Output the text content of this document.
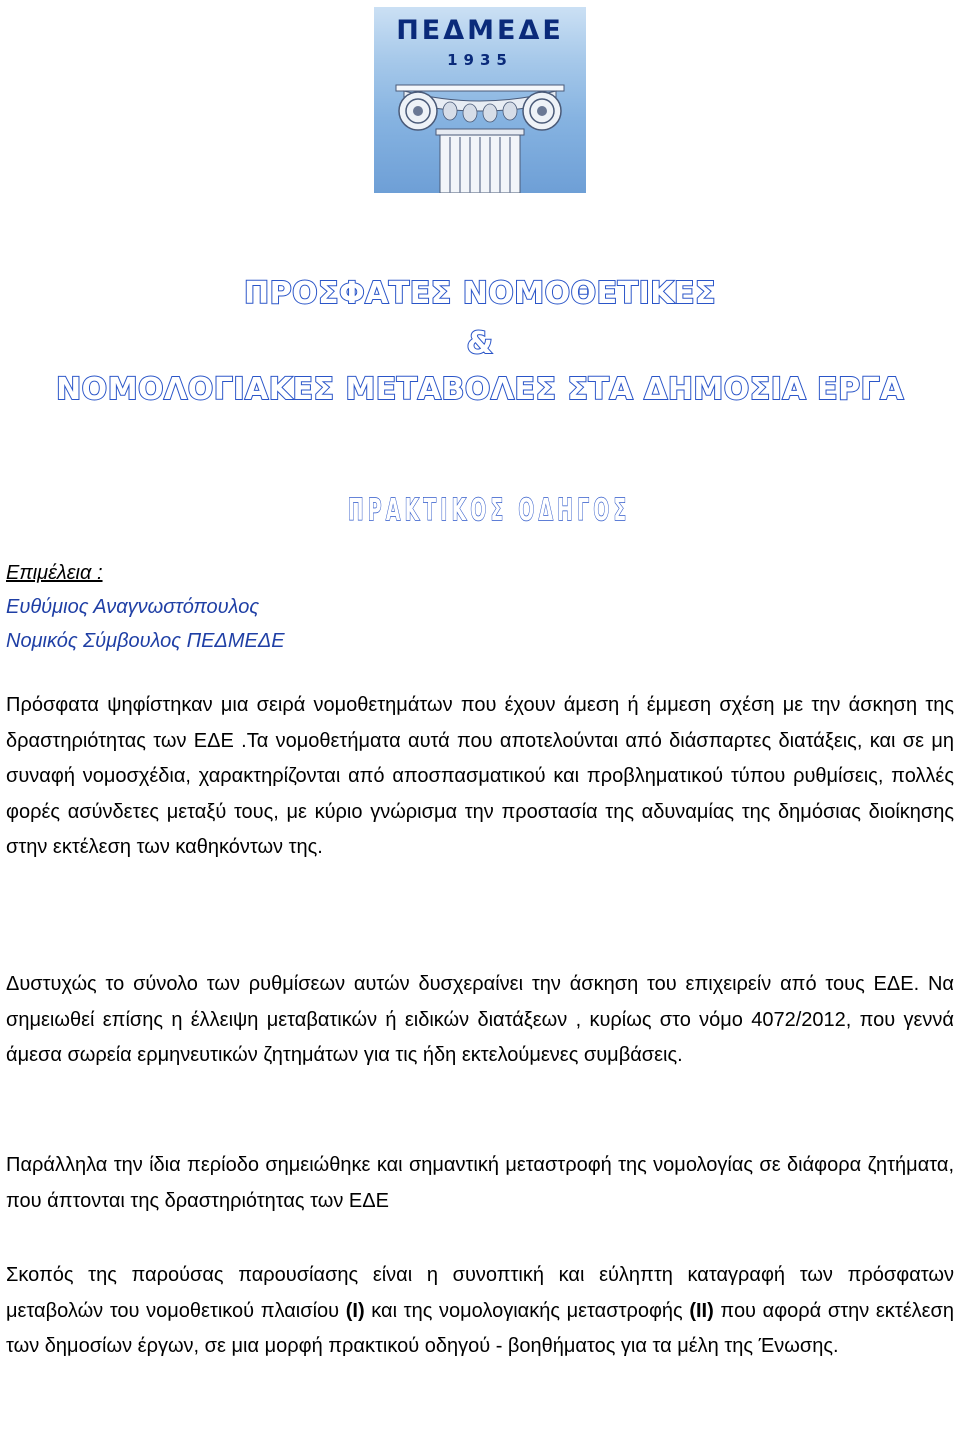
ΠΕΔΜΕΔΕ
1935
ΠΡΟΣΦΑΤΕΣ ΝΟΜΟΘΕΤΙΚΕΣ
&
ΝΟΜΟΛΟΓΙΑΚΕΣ ΜΕΤΑΒΟΛΕΣ ΣΤΑ ΔΗΜΟΣΙΑ ΕΡΓΑ
ΠΡΑΚΤΙΚΟΣ ΟΔΗΓΟΣ
Επιμέλεια :
Ευθύμιος Αναγνωστόπουλος
Νομικός Σύμβουλος ΠΕΔΜΕΔΕ
Πρόσφατα ψηφίστηκαν μια σειρά νομοθετημάτων που έχουν άμεση ή έμμεση σχέση με την άσκηση της δραστηριότητας των ΕΔΕ .Τα νομοθετήματα αυτά που αποτελούνται από διάσπαρτες διατάξεις, και σε μη συναφή νομοσχέδια, χαρακτηρίζονται από αποσπασματικού και προβληματικού τύπου ρυθμίσεις, πολλές φορές ασύνδετες μεταξύ τους, με κύριο γνώρισμα την προστασία της αδυναμίας της δημόσιας διοίκησης στην εκτέλεση των καθηκόντων της.
Δυστυχώς το σύνολο των ρυθμίσεων αυτών δυσχεραίνει την άσκηση του επιχειρείν από τους ΕΔΕ. Να σημειωθεί επίσης η έλλειψη μεταβατικών ή ειδικών διατάξεων , κυρίως στο νόμο 4072/2012, που γεννά άμεσα σωρεία ερμηνευτικών ζητημάτων για τις ήδη εκτελούμενες συμβάσεις.
Παράλληλα την ίδια περίοδο σημειώθηκε και σημαντική μεταστροφή της νομολογίας σε διάφορα ζητήματα, που άπτονται της δραστηριότητας των ΕΔΕ
Σκοπός της παρούσας παρουσίασης είναι η συνοπτική και εύληπτη καταγραφή των πρόσφατων μεταβολών του νομοθετικού πλαισίου (Ι) και της νομολογιακής μεταστροφής (ΙΙ) που αφορά στην εκτέλεση των δημοσίων έργων, σε μια μορφή πρακτικού οδηγού - βοηθήματος για τα μέλη της Ένωσης.
